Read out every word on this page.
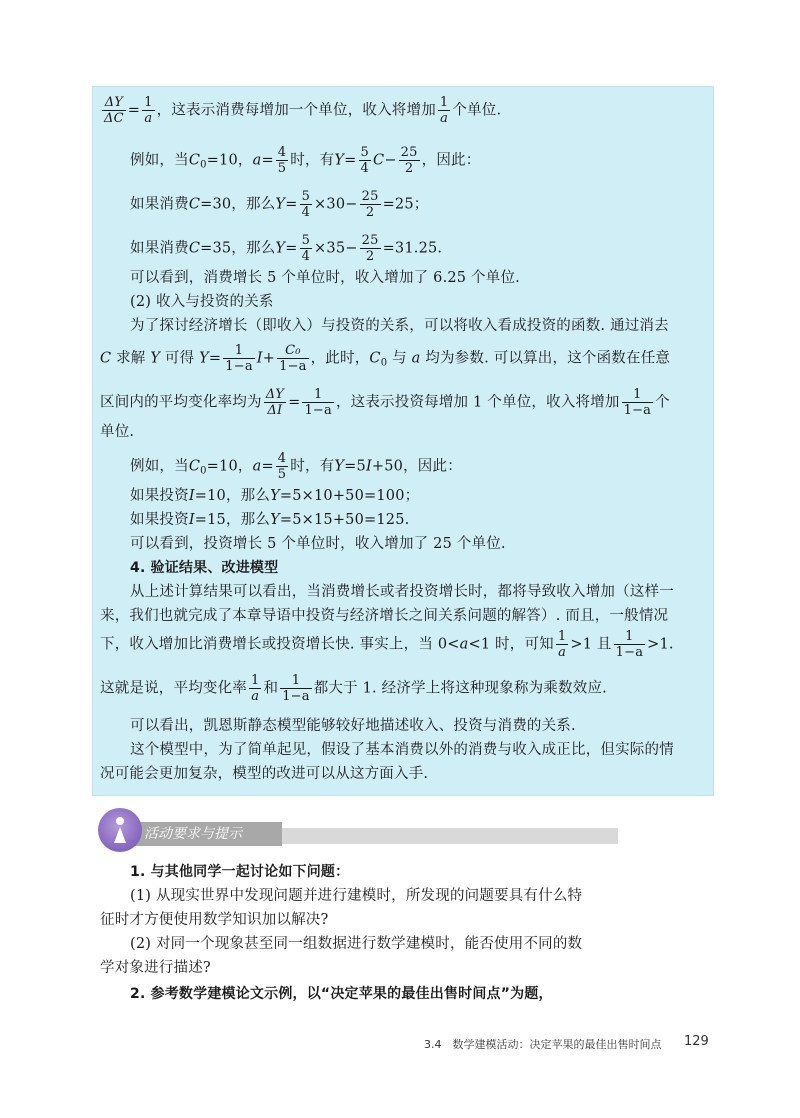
$\frac{\Delta Y}{\Delta C} = \frac{1}{a}$ ，这表示消费每增加一个单位，收入将增加 $\frac{1}{a}$ 个单位.
例如，当$C_0=10$，$a= \frac{4}{5}$ 时，有$Y= \frac{5}{4} C- \frac{25}{2}$ ，因此：
如果消费C=30，那么$Y= \frac{5}{4} \times 30- \frac{25}{2} =25$；
如果消费C=35，那么$Y= \frac{5}{4} \times 35- \frac{25}{2} =31.25$.
可以看到，消费增长 5 个单位时，收入增加了 6.25 个单位.
(2) 收入与投资的关系
为了探讨经济增长（即收入）与投资的关系，可以将收入看成投资的函数. 通过消去
C 求解 Y 可得 $Y= \frac{1}{1-a} I+ \frac{\text{C₀}}{1-a}$ ，此时，$C_0$ 与 a 均为参数. 可以算出，这个函数在任意
区间内的平均变化率均为 $\frac{\Delta Y}{\Delta I} = \frac{1}{1-a}$ ，这表示投资每增加 1 个单位，收入将增加 $\frac{1}{1-a}$ 个
单位.
例如，当$C_0=10$，$a= \frac{4}{5}$ 时，有Y=5I+50，因此：
如果投资I=10，那么Y=5×10+50=100；
如果投资I=15，那么Y=5×15+50=125.
可以看到，投资增长 5 个单位时，收入增加了 25 个单位.
4. 验证结果、改进模型
从上述计算结果可以看出，当消费增长或者投资增长时，都将导致收入增加（这样一
来，我们也就完成了本章导语中投资与经济增长之间关系问题的解答）. 而且，一般情况
下，收入增加比消费增长或投资增长快. 事实上，当 0<a<1 时，可知 $\frac{1}{a} >1$ 且 $\frac{1}{1-a} >1$.
这就是说，平均变化率 $\frac{1}{a}$ 和 $\frac{1}{1-a}$ 都大于 1. 经济学上将这种现象称为乘数效应.
可以看出，凯恩斯静态模型能够较好地描述收入、投资与消费的关系.
这个模型中，为了简单起见，假设了基本消费以外的消费与收入成正比，但实际的情
况可能会更加复杂，模型的改进可以从这方面入手.
活动要求与提示
1. 与其他同学一起讨论如下问题：
(1) 从现实世界中发现问题并进行建模时，所发现的问题要具有什么特
征时才方便使用数学知识加以解决?
(2) 对同一个现象甚至同一组数据进行数学建模时，能否使用不同的数
学对象进行描述?
2. 参考数学建模论文示例，以“决定苹果的最佳出售时间点”为题，
3.4　数学建模活动：决定苹果的最佳出售时间点 129
